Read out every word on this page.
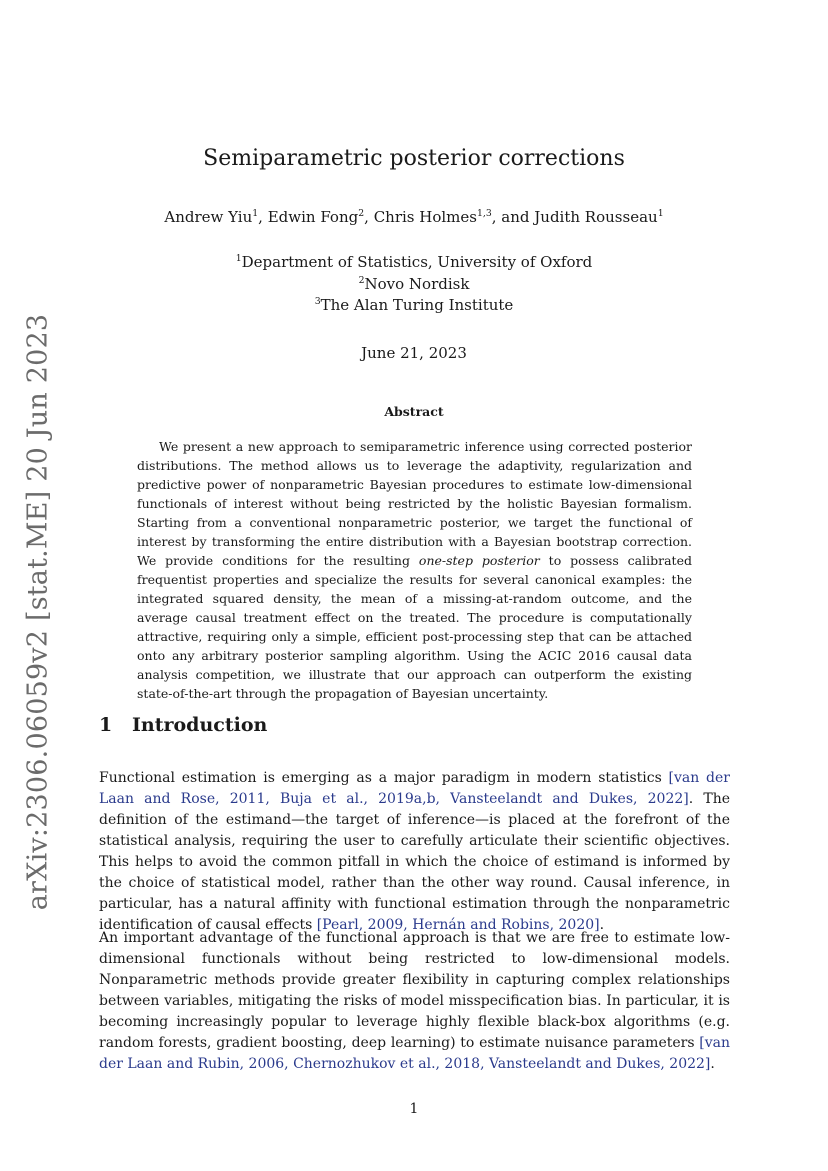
arXiv:2306.06059v2 [stat.ME] 20 Jun 2023
Semiparametric posterior corrections
Andrew Yiu$^1$, Edwin Fong$^2$, Chris Holmes$^{1,3}$, and Judith Rousseau$^1$
$^1$Department of Statistics, University of Oxford
$^2$Novo Nordisk
$^3$The Alan Turing Institute
June 21, 2023
Abstract
We present a new approach to semiparametric inference using corrected posterior distributions. The method allows us to leverage the adaptivity, regularization and predictive power of nonparametric Bayesian procedures to estimate low-dimensional functionals of interest without being restricted by the holistic Bayesian formalism. Starting from a conventional nonparametric posterior, we target the functional of interest by transforming the entire distribution with a Bayesian bootstrap correction. We provide conditions for the resulting one-step posterior to possess calibrated frequentist properties and specialize the results for several canonical examples: the integrated squared density, the mean of a missing-at-random outcome, and the average causal treatment effect on the treated. The procedure is computationally attractive, requiring only a simple, efficient post-processing step that can be attached onto any arbitrary posterior sampling algorithm. Using the ACIC 2016 causal data analysis competition, we illustrate that our approach can outperform the existing state-of-the-art through the propagation of Bayesian uncertainty.
1 Introduction
Functional estimation is emerging as a major paradigm in modern statistics [van der Laan and Rose, 2011, Buja et al., 2019a,b, Vansteelandt and Dukes, 2022]. The definition of the estimand—the target of inference—is placed at the forefront of the statistical analysis, requiring the user to carefully articulate their scientific objectives. This helps to avoid the common pitfall in which the choice of estimand is informed by the choice of statistical model, rather than the other way round. Causal inference, in particular, has a natural affinity with functional estimation through the nonparametric identification of causal effects [Pearl, 2009, Hernán and Robins, 2020].
An important advantage of the functional approach is that we are free to estimate low-dimensional functionals without being restricted to low-dimensional models. Nonparametric methods provide greater flexibility in capturing complex relationships between variables, mitigating the risks of model misspecification bias. In particular, it is becoming increasingly popular to leverage highly flexible black-box algorithms (e.g. random forests, gradient boosting, deep learning) to estimate nuisance parameters [van der Laan and Rubin, 2006, Chernozhukov et al., 2018, Vansteelandt and Dukes, 2022].
1
